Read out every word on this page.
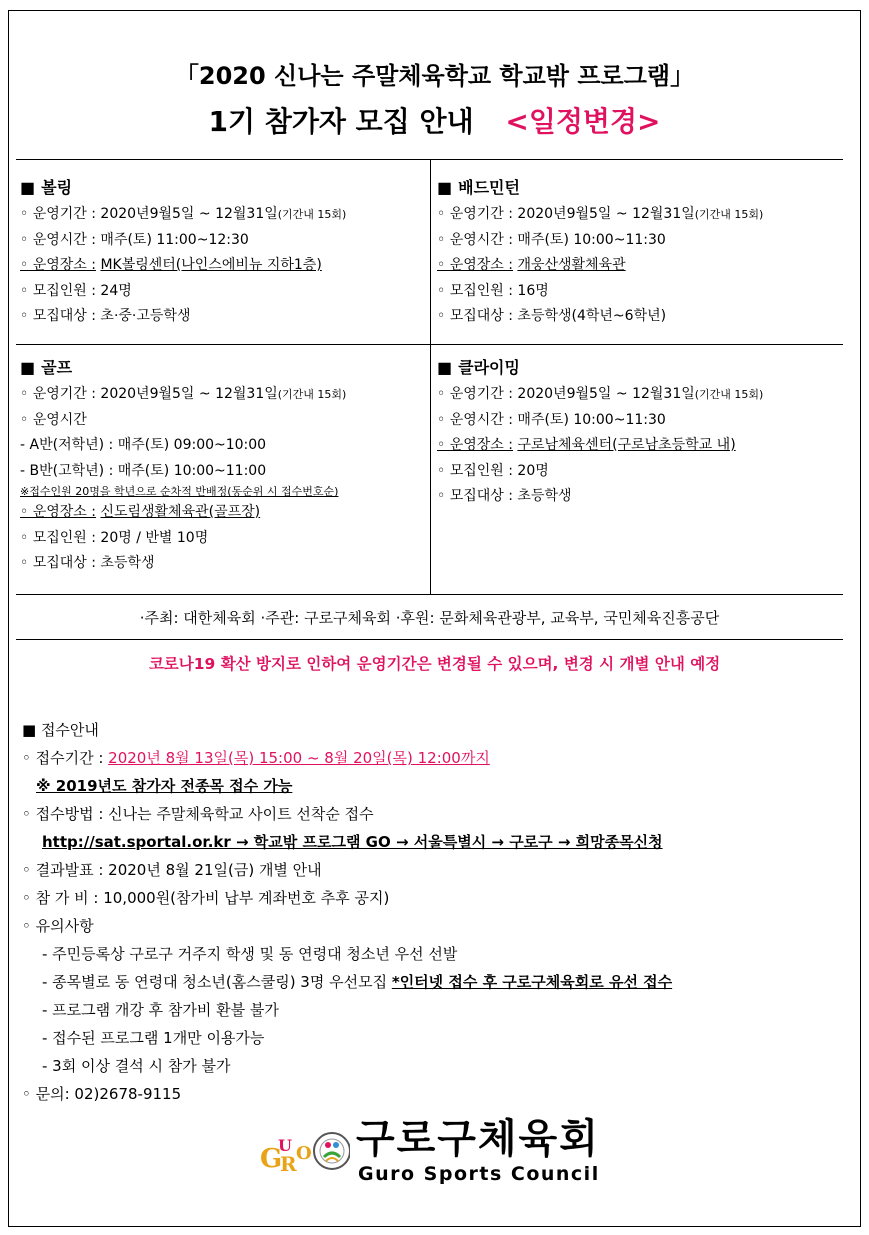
「2020 신나는 주말체육학교 학교밖 프로그램」
1기 참가자 모집 안내 <일정변경>
■ 볼링
◦ 운영기간 : 2020년9월5일 ~ 12월31일(기간내 15회)
◦ 운영시간 : 매주(토) 11:00~12:30
◦ 운영장소 : MK볼링센터(나인스에비뉴 지하1층)
◦ 모집인원 : 24명
◦ 모집대상 : 초·중·고등학생
■ 배드민턴
◦ 운영기간 : 2020년9월5일 ~ 12월31일(기간내 15회)
◦ 운영시간 : 매주(토) 10:00~11:30
◦ 운영장소 : 개웅산생활체육관
◦ 모집인원 : 16명
◦ 모집대상 : 초등학생(4학년~6학년)
■ 골프
◦ 운영기간 : 2020년9월5일 ~ 12월31일(기간내 15회)
◦ 운영시간
- A반(저학년) : 매주(토) 09:00~10:00
- B반(고학년) : 매주(토) 10:00~11:00
※접수인원 20명을 학년으로 순차적 반배정(동순위 시 접수번호순)
◦ 운영장소 : 신도림생활체육관(골프장)
◦ 모집인원 : 20명 / 반별 10명
◦ 모집대상 : 초등학생
■ 클라이밍
◦ 운영기간 : 2020년9월5일 ~ 12월31일(기간내 15회)
◦ 운영시간 : 매주(토) 10:00~11:30
◦ 운영장소 : 구로남체육센터(구로남초등학교 내)
◦ 모집인원 : 20명
◦ 모집대상 : 초등학생
·주최: 대한체육회 ·주관: 구로구체육회 ·후원: 문화체육관광부, 교육부, 국민체육진흥공단
코로나19 확산 방지로 인하여 운영기간은 변경될 수 있으며, 변경 시 개별 안내 예정
■ 접수안내
◦ 접수기간 : 2020년 8월 13일(목) 15:00 ~ 8월 20일(목) 12:00까지
※ 2019년도 참가자 전종목 접수 가능
◦ 접수방법 : 신나는 주말체육학교 사이트 선착순 접수
http://sat.sportal.or.kr → 학교밖 프로그램 GO → 서울특별시 → 구로구 → 희망종목신청
◦ 결과발표 : 2020년 8월 21일(금) 개별 안내
◦ 참 가 비 : 10,000원(참가비 납부 계좌번호 추후 공지)
◦ 유의사항
- 주민등록상 구로구 거주지 학생 및 동 연령대 청소년 우선 선발
- 종목별로 동 연령대 청소년(홈스쿨링) 3명 우선모집 *인터넷 접수 후 구로구체육회로 유선 접수
- 프로그램 개강 후 참가비 환불 불가
- 접수된 프로그램 1개만 이용가능
- 3회 이상 결석 시 참가 불가
◦ 문의: 02)2678-9115
G
U
R O 구로구체육회
Guro Sports Council
